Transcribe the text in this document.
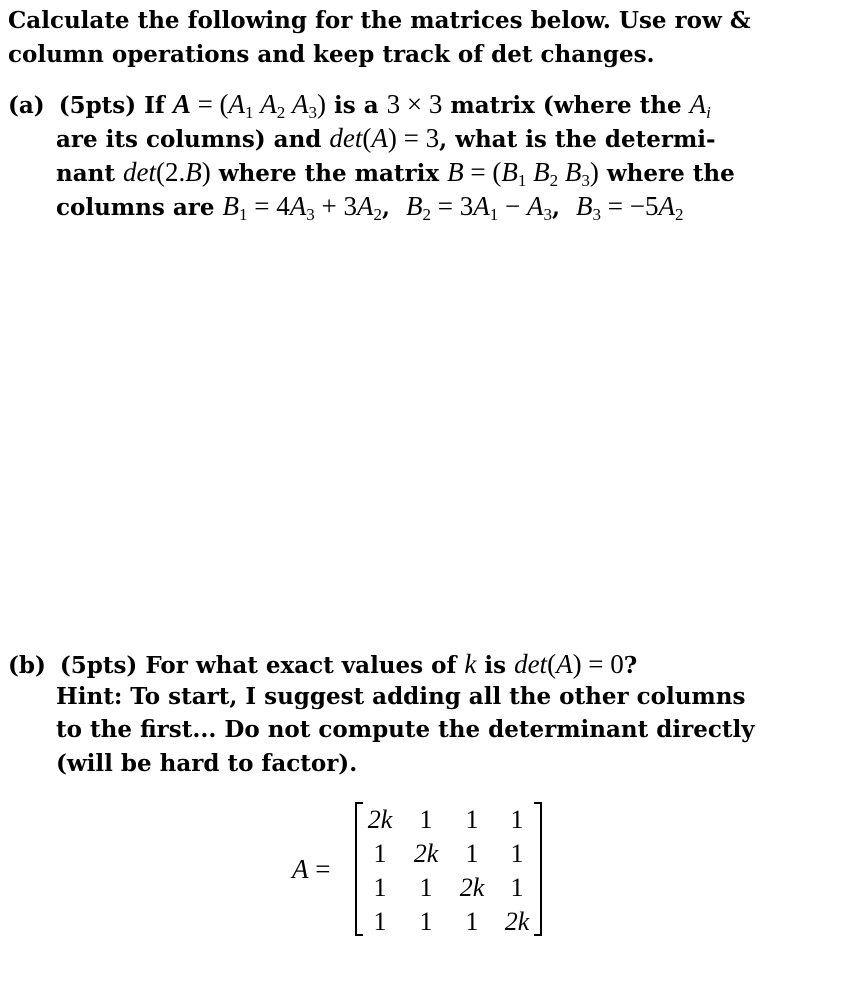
Calculate the following for the matrices below. Use row &
column operations and keep track of det changes.
(a) (5pts) If $A = (A_1$ $A_2$ $A_3$) is a 3 × 3 matrix (where the $A_i$
are its columns) and det(A) = 3, what is the determi-
nant det(2.B) where the matrix $B = (B_1$ $B_2$ $B_3$) where the
columns are $B_1 = 4A_3 + 3A_2$,  $B_2 = 3A_1 - A_3$,  $B_3 = -5A_2$
(b) (5pts) For what exact values of k is det(A) = 0?
Hint: To start, I suggest adding all the other columns
to the first... Do not compute the determinant directly
(will be hard to factor).
A =
2k	1	1	1
1	2k	1	1
1	1	2k	1
1	1	1	2k
